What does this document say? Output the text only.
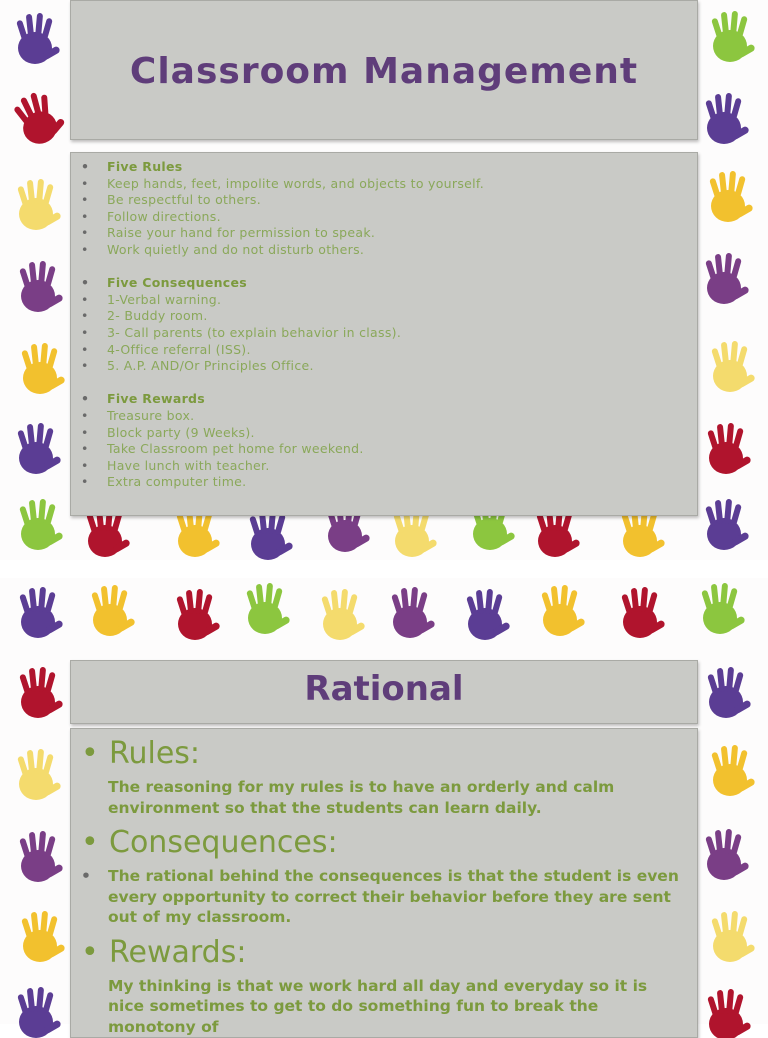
Classroom Management
• Five Rules
• Keep hands, feet, impolite words, and objects to yourself.
• Be respectful to others.
• Follow directions.
• Raise your hand for permission to speak.
• Work quietly and do not disturb others.
• Five Consequences
• 1-Verbal warning.
• 2- Buddy room.
• 3- Call parents (to explain behavior in class).
• 4-Office referral (ISS).
• 5. A.P. AND/Or Principles Office.
• Five Rewards
• Treasure box.
• Block party (9 Weeks).
• Take Classroom pet home for weekend.
• Have lunch with teacher.
• Extra computer time.
Rational
• Rules:
The reasoning for my rules is to have an orderly and calm environment so that the students can learn daily.
• Consequences:
• The rational behind the consequences is that the student is even every opportunity to correct their behavior before they are sent out of my classroom.
• Rewards:
My thinking is that we work hard all day and everyday so it is nice sometimes to get to do something fun to break the monotony of
